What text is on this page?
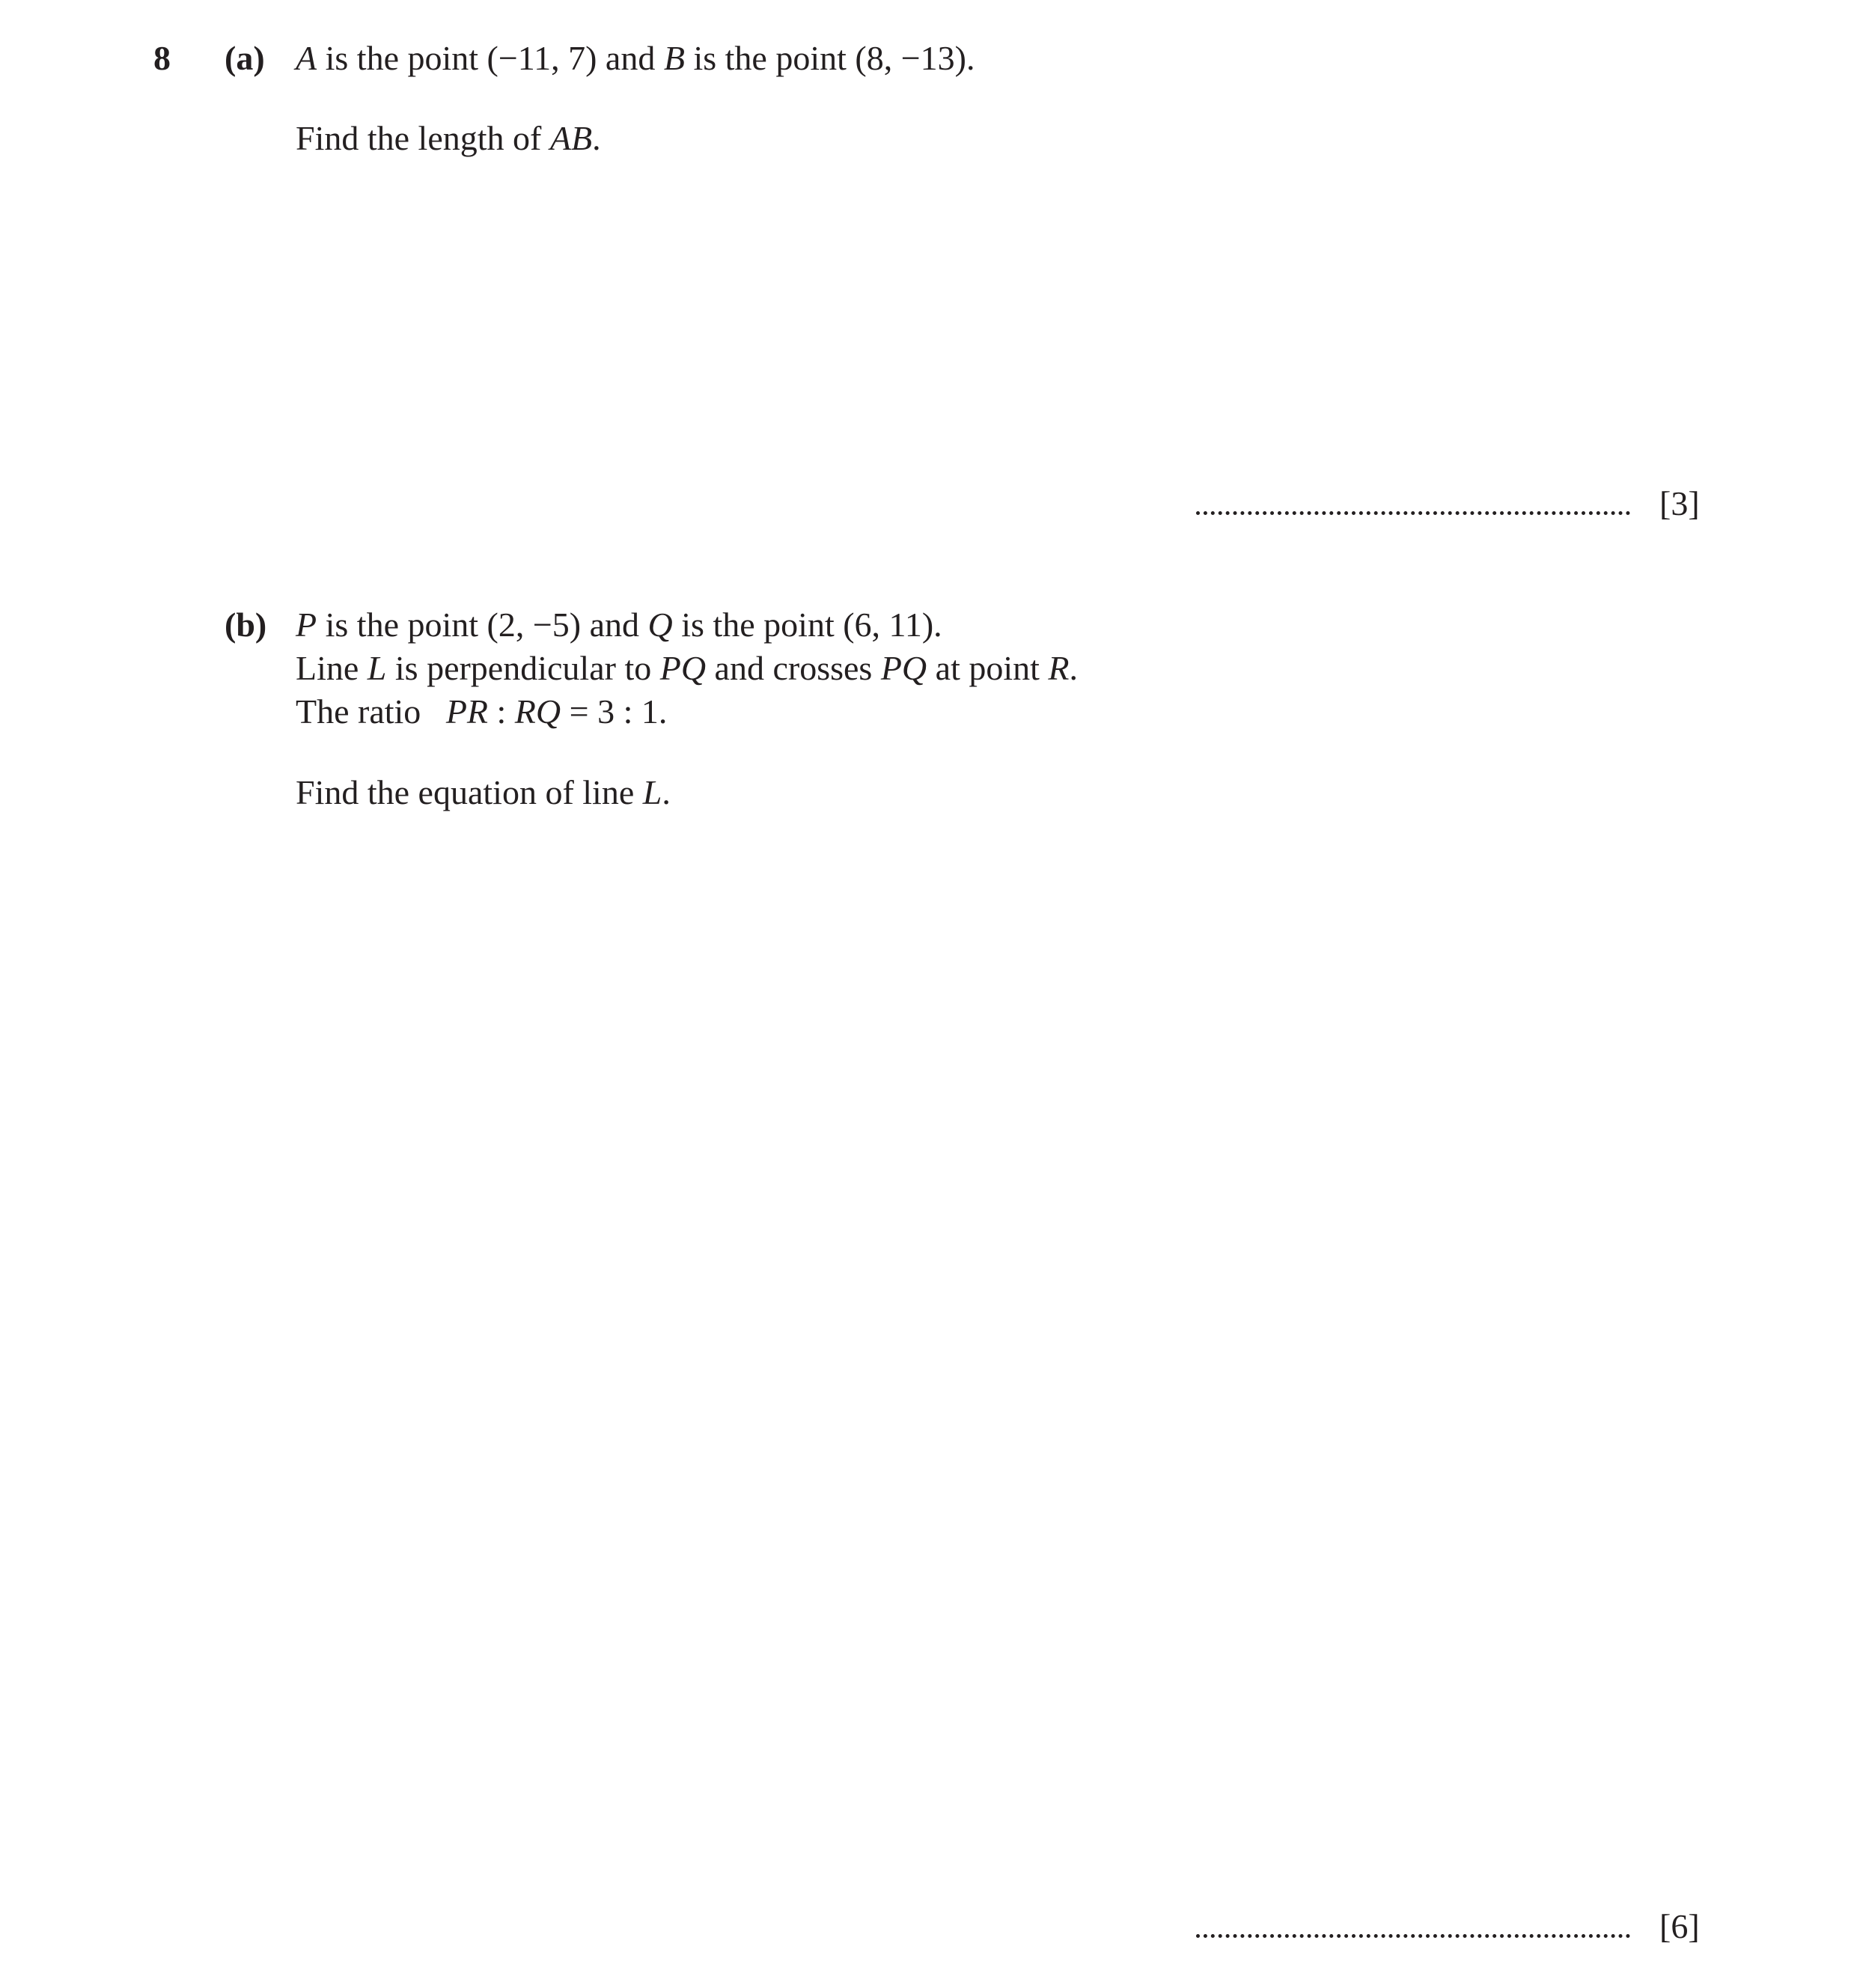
8 (a) A is the point (−11, 7) and B is the point (8, −13).
Find the length of AB.
[3]
(b) P is the point (2, −5) and Q is the point (6, 11).
Line L is perpendicular to PQ and crosses PQ at point R.
The ratio PR : RQ = 3 : 1.
Find the equation of line L.
[6]
